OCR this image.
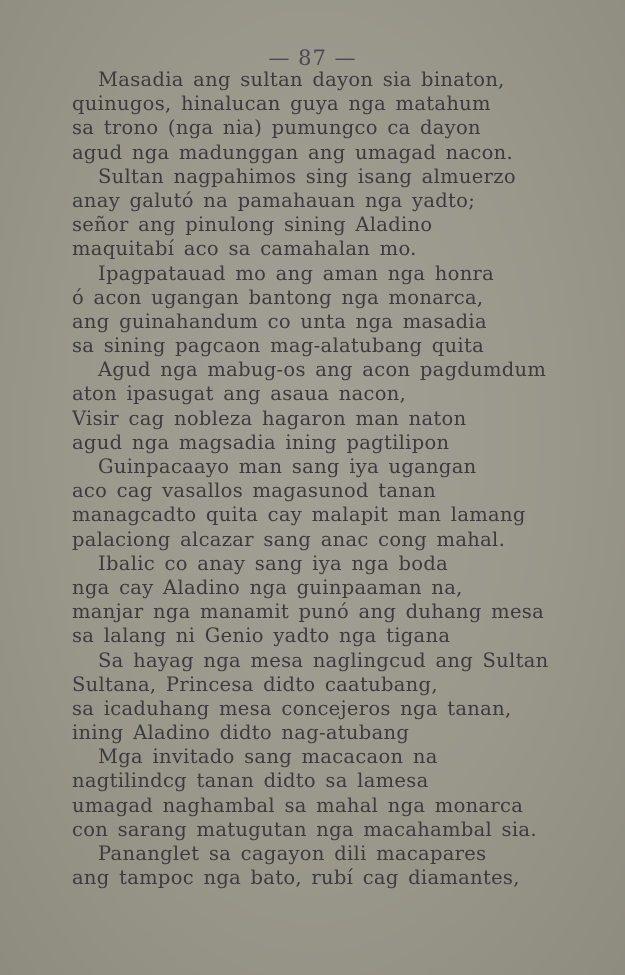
— 87 —
Masadia ang sultan dayon sia binaton,
quinugos, hinalucan guya nga matahum
sa trono (nga nia) pumungco ca dayon
agud nga madunggan ang umagad nacon.
Sultan nagpahimos sing isang almuerzo
anay galutó na pamahauan nga yadto;
señor ang pinulong sining Aladino
maquitabí aco sa camahalan mo.
Ipagpatauad mo ang aman nga honra
ó acon ugangan bantong nga monarca,
ang guinahandum co unta nga masadia
sa sining pagcaon mag-alatubang quita
Agud nga mabug-os ang acon pagdumdum
aton ipasugat ang asaua nacon,
Visir cag nobleza hagaron man naton
agud nga magsadia ining pagtilipon
Guinpacaayo man sang iya ugangan
aco cag vasallos magasunod tanan
managcadto quita cay malapit man lamang
palaciong alcazar sang anac cong mahal.
Ibalic co anay sang iya nga boda
nga cay Aladino nga guinpaaman na,
manjar nga manamit punó ang duhang mesa
sa lalang ni Genio yadto nga tigana
Sa hayag nga mesa naglingcud ang Sultan
Sultana, Princesa didto caatubang,
sa icaduhang mesa concejeros nga tanan,
ining Aladino didto nag-atubang
Mga invitado sang macacaon na
nagtilindcg tanan didto sa lamesa
umagad naghambal sa mahal nga monarca
con sarang matugutan nga macahambal sia.
Pananglet sa cagayon dili macapares
ang tampoc nga bato, rubí cag diamantes,
